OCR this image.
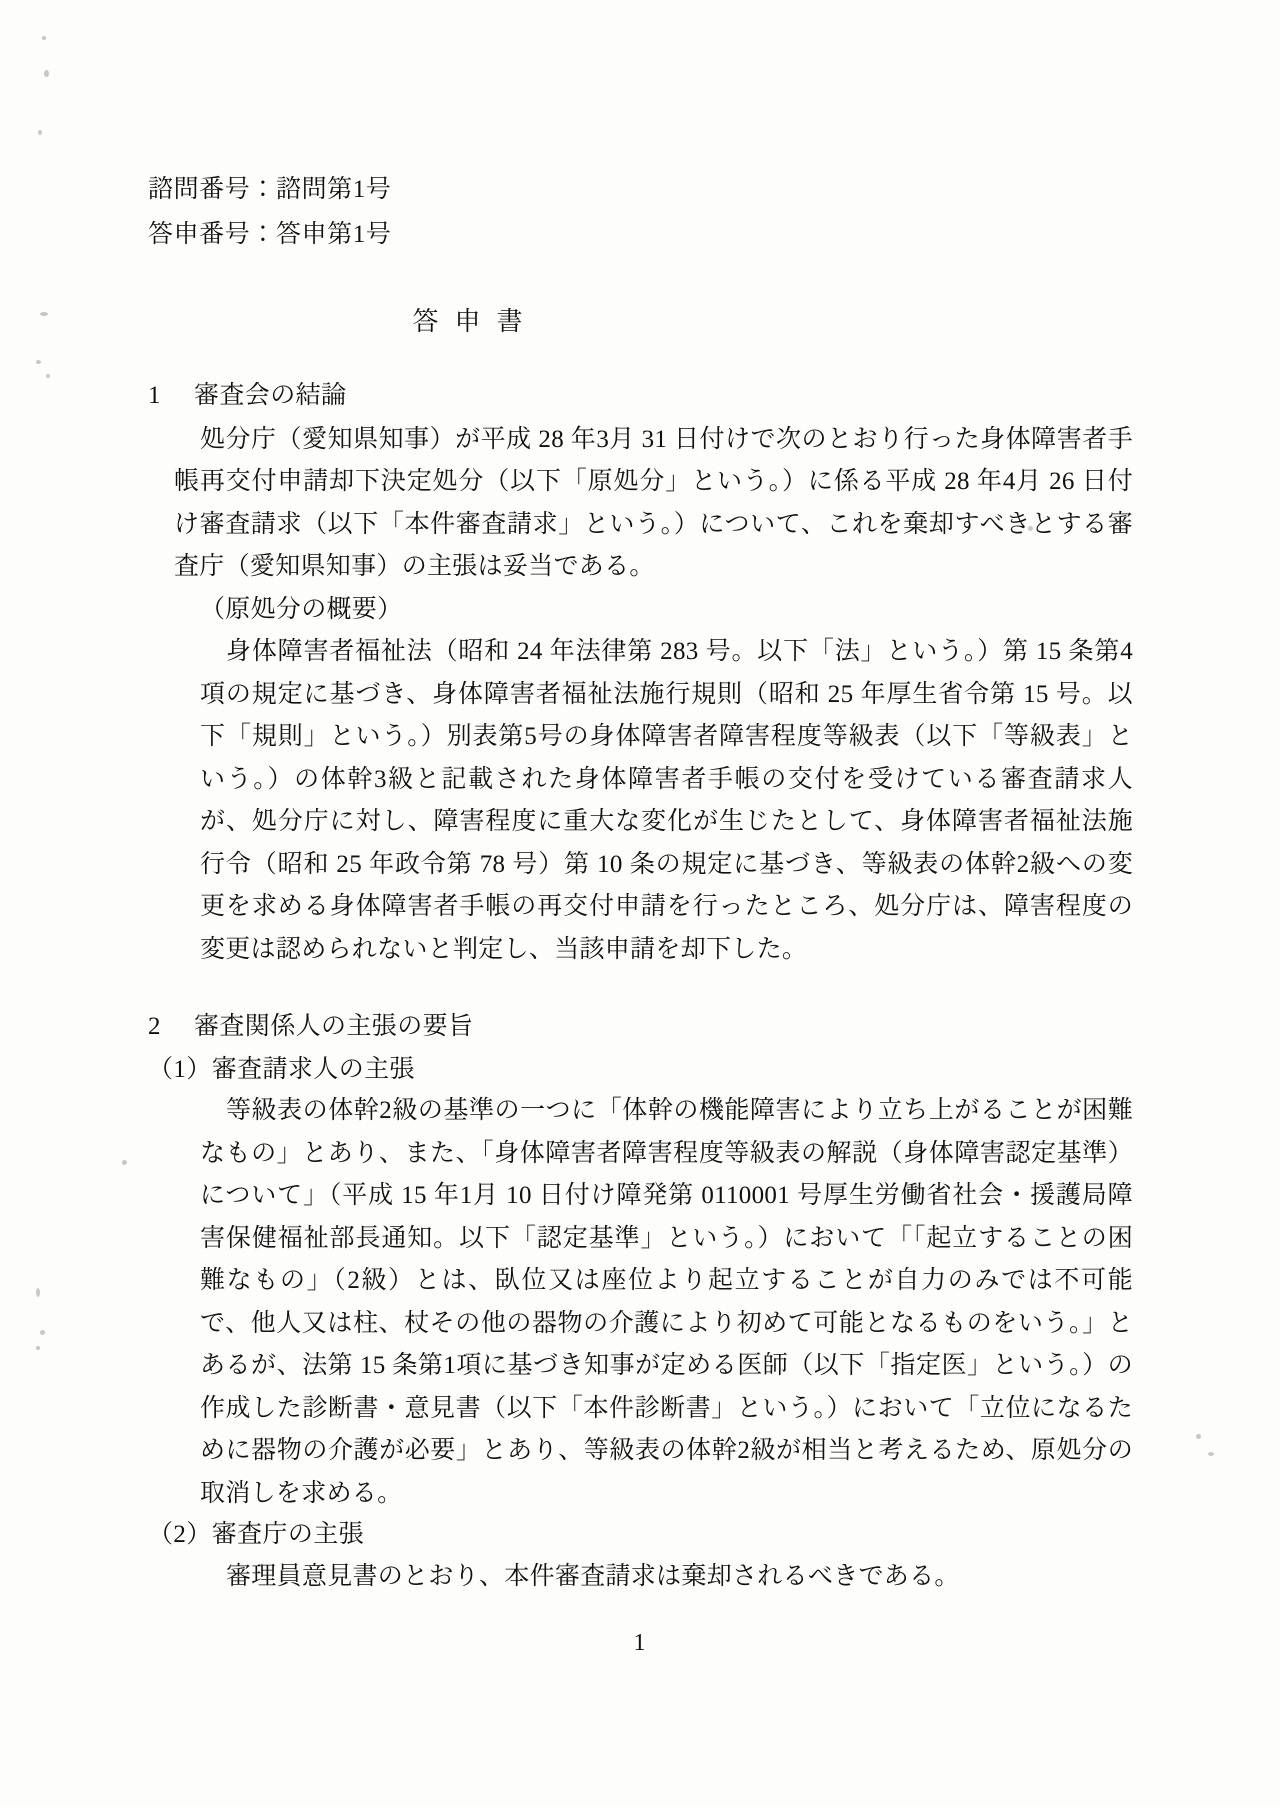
諮問番号：諮問第1号
答申番号：答申第1号
答申書
1 審査会の結論

処分庁（愛知県知事）が平成 28 年3月 31 日付けで次のとおり行った身体障害者手帳再交付申請却下決定処分（以下「原処分」という。）に係る平成 28 年4月 26 日付け審査請求（以下「本件審査請求」という。）について、これを棄却すべきとする審査庁（愛知県知事）の主張は妥当である。

（原処分の概要）

身体障害者福祉法（昭和 24 年法律第 283 号。以下「法」という。）第 15 条第4項の規定に基づき、身体障害者福祉法施行規則（昭和 25 年厚生省令第 15 号。以下「規則」という。）別表第5号の身体障害者障害程度等級表（以下「等級表」という。）の体幹3級と記載された身体障害者手帳の交付を受けている審査請求人が、処分庁に対し、障害程度に重大な変化が生じたとして、身体障害者福祉法施行令（昭和 25 年政令第 78 号）第 10 条の規定に基づき、等級表の体幹2級への変更を求める身体障害者手帳の再交付申請を行ったところ、処分庁は、障害程度の変更は認められないと判定し、当該申請を却下した。

2 審査関係人の主張の要旨
（1）審査請求人の主張

等級表の体幹2級の基準の一つに「体幹の機能障害により立ち上がることが困難なもの」とあり、また、「身体障害者障害程度等級表の解説（身体障害認定基準）について」（平成 15 年1月 10 日付け障発第 0110001 号厚生労働省社会・援護局障害保健福祉部長通知。以下「認定基準」という。）において「「起立することの困難なもの」（2級）とは、臥位又は座位より起立することが自力のみでは不可能で、他人又は柱、杖その他の器物の介護により初めて可能となるものをいう。」とあるが、法第 15 条第1項に基づき知事が定める医師（以下「指定医」という。）の作成した診断書・意見書（以下「本件診断書」という。）において「立位になるために器物の介護が必要」とあり、等級表の体幹2級が相当と考えるため、原処分の取消しを求める。

（2）審査庁の主張

審理員意見書のとおり、本件審査請求は棄却されるべきである。

1
